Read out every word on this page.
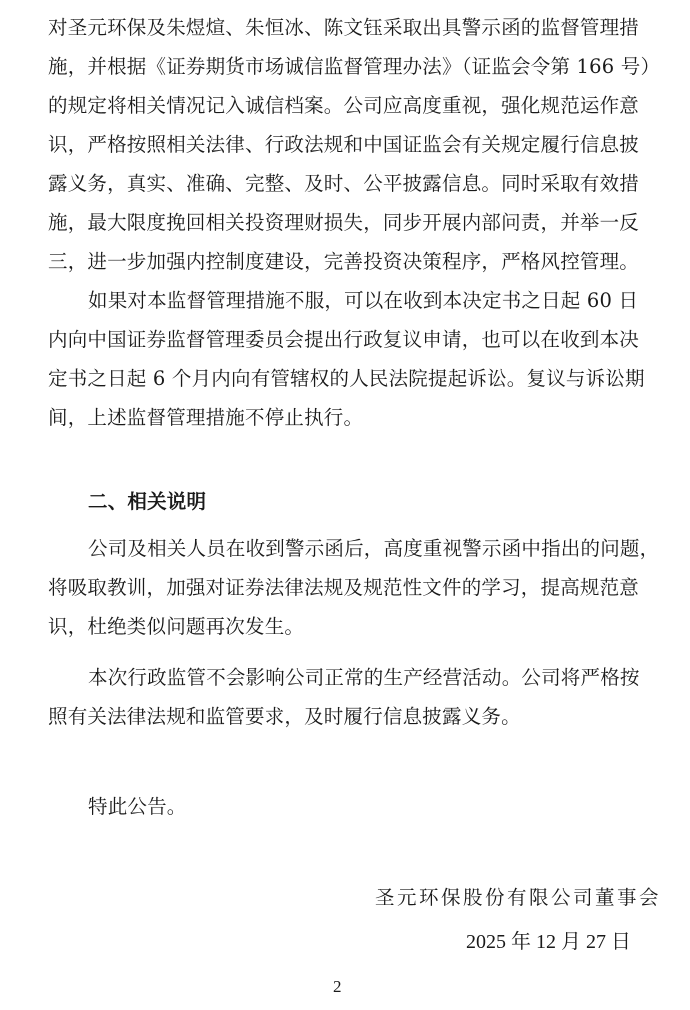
对圣元环保及朱煜煊、朱恒冰、陈文钰采取出具警示函的监督管理措
施，并根据《证券期货市场诚信监督管理办法》（证监会令第 166 号）
的规定将相关情况记入诚信档案。公司应高度重视，强化规范运作意
识，严格按照相关法律、行政法规和中国证监会有关规定履行信息披
露义务，真实、准确、完整、及时、公平披露信息。同时采取有效措
施，最大限度挽回相关投资理财损失，同步开展内部问责，并举一反
三，进一步加强内控制度建设，完善投资决策程序，严格风控管理。
如果对本监督管理措施不服，可以在收到本决定书之日起 60 日
内向中国证券监督管理委员会提出行政复议申请，也可以在收到本决
定书之日起 6 个月内向有管辖权的人民法院提起诉讼。复议与诉讼期
间，上述监督管理措施不停止执行。
二、相关说明
公司及相关人员在收到警示函后，高度重视警示函中指出的问题，
将吸取教训，加强对证券法律法规及规范性文件的学习，提高规范意
识，杜绝类似问题再次发生。
本次行政监管不会影响公司正常的生产经营活动。公司将严格按
照有关法律法规和监管要求，及时履行信息披露义务。
特此公告。
圣元环保股份有限公司董事会
2025 年 12 月 27 日
2
